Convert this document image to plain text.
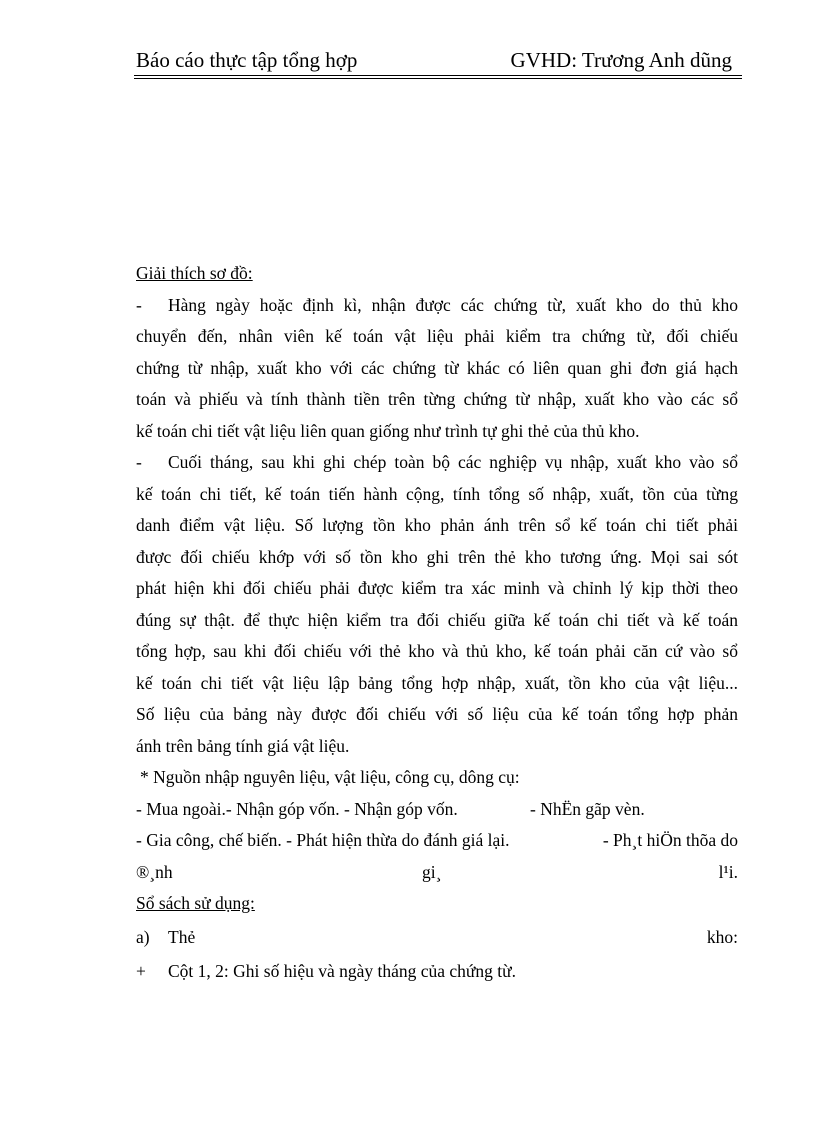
Báo cáo thực tập tổng hợp	GVHD: Trương Anh dũng
Giải thích sơ đồ:
- Hàng ngày hoặc định kì, nhận được các chứng từ, xuất kho do thủ kho
chuyển đến, nhân viên kế toán vật liệu phải kiểm tra chứng từ, đối chiếu
chứng từ nhập, xuất kho với các chứng từ khác có liên quan ghi đơn giá hạch
toán và phiếu và tính thành tiền trên từng chứng từ nhập, xuất kho vào các sổ
kế toán chi tiết vật liệu liên quan giống như trình tự ghi thẻ của thủ kho.
- Cuối tháng, sau khi ghi chép toàn bộ các nghiệp vụ nhập, xuất kho vào sổ
kế toán chi tiết, kế toán tiến hành cộng, tính tổng số nhập, xuất, tồn của từng
danh điểm vật liệu. Số lượng tồn kho phản ánh trên sổ kế toán chi tiết phải
được đối chiếu khớp với số tồn kho ghi trên thẻ kho tương ứng. Mọi sai sót
phát hiện khi đối chiếu phải được kiểm tra xác minh và chỉnh lý kịp thời theo
đúng sự thật. để thực hiện kiểm tra đối chiếu giữa kế toán chi tiết và kế toán
tổng hợp, sau khi đối chiếu với thẻ kho và thủ kho, kế toán phải căn cứ vào sổ
kế toán chi tiết vật liệu lập bảng tổng hợp nhập, xuất, tồn kho của vật liệu...
Số liệu của bảng này được đối chiếu với số liệu của kế toán tổng hợp phản
ánh trên bảng tính giá vật liệu.
* Nguồn nhập nguyên liệu, vật liệu, công cụ, dông cụ:
- Mua ngoài.- Nhận góp vốn. - Nhận góp vốn.	- NhËn gãp vèn.
- Gia công, chế biến. - Phát hiện thừa do đánh giá lại.	- Ph¸t hiÖn thõa do
®¸nh	gi¸	l¹i.
Sổ sách sử dụng:
a) Thẻ	kho:
+ Cột 1, 2: Ghi số hiệu và ngày tháng của chứng từ.
